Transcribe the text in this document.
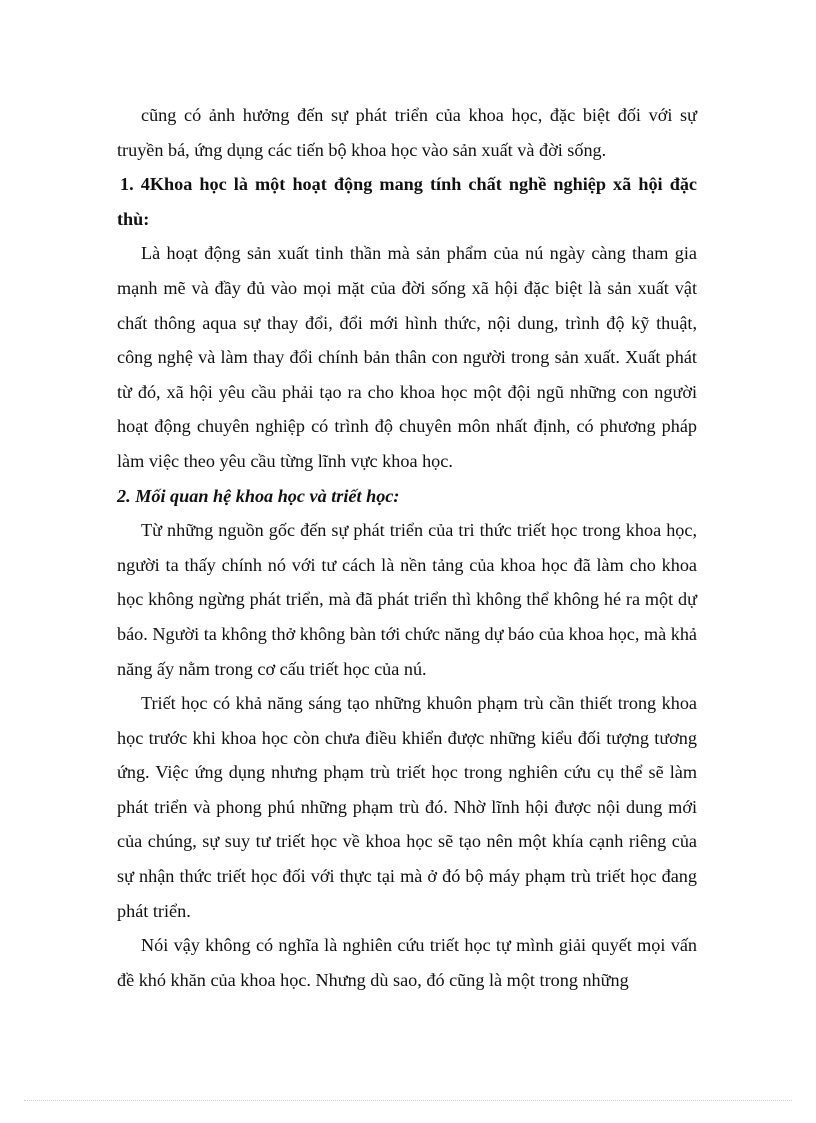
cũng có ảnh hưởng đến sự phát triển của khoa học, đặc biệt đối với sự truyền bá, ứng dụng các tiến bộ khoa học vào sản xuất và đời sống.

1. 4Khoa học là một hoạt động mang tính chất nghề nghiệp xã hội đặc thù:

Là hoạt động sản xuất tinh thần mà sản phẩm của nú ngày càng tham gia mạnh mẽ và đầy đủ vào mọi mặt của đời sống xã hội đặc biệt là sản xuất vật chất thông aqua sự thay đổi, đổi mới hình thức, nội dung, trình độ kỹ thuật, công nghệ và làm thay đổi chính bản thân con người trong sản xuất. Xuất phát từ đó, xã hội yêu cầu phải tạo ra cho khoa học một đội ngũ những con người hoạt động chuyên nghiệp có trình độ chuyên môn nhất định, có phương pháp làm việc theo yêu cầu từng lĩnh vực khoa học.

2. Mối quan hệ khoa học và triết học:

Từ những nguồn gốc đến sự phát triển của tri thức triết học trong khoa học, người ta thấy chính nó với tư cách là nền tảng của khoa học đã làm cho khoa học không ngừng phát triển, mà đã phát triển thì không thể không hé ra một dự báo. Người ta không thở không bàn tới chức năng dự báo của khoa học, mà khả năng ấy nằm trong cơ cấu triết học của nú.

Triết học có khả năng sáng tạo những khuôn phạm trù cần thiết trong khoa học trước khi khoa học còn chưa điều khiển được những kiểu đối tượng tương ứng. Việc ứng dụng nhưng phạm trù triết học trong nghiên cứu cụ thể sẽ làm phát triển và phong phú những phạm trù đó. Nhờ lĩnh hội được nội dung mới của chúng, sự suy tư triết học về khoa học sẽ tạo nên một khía cạnh riêng của sự nhận thức triết học đối với thực tại mà ở đó bộ máy phạm trù triết học đang phát triển.

Nói vậy không có nghĩa là nghiên cứu triết học tự mình giải quyết mọi vấn đề khó khăn của khoa học. Nhưng dù sao, đó cũng là một trong những
